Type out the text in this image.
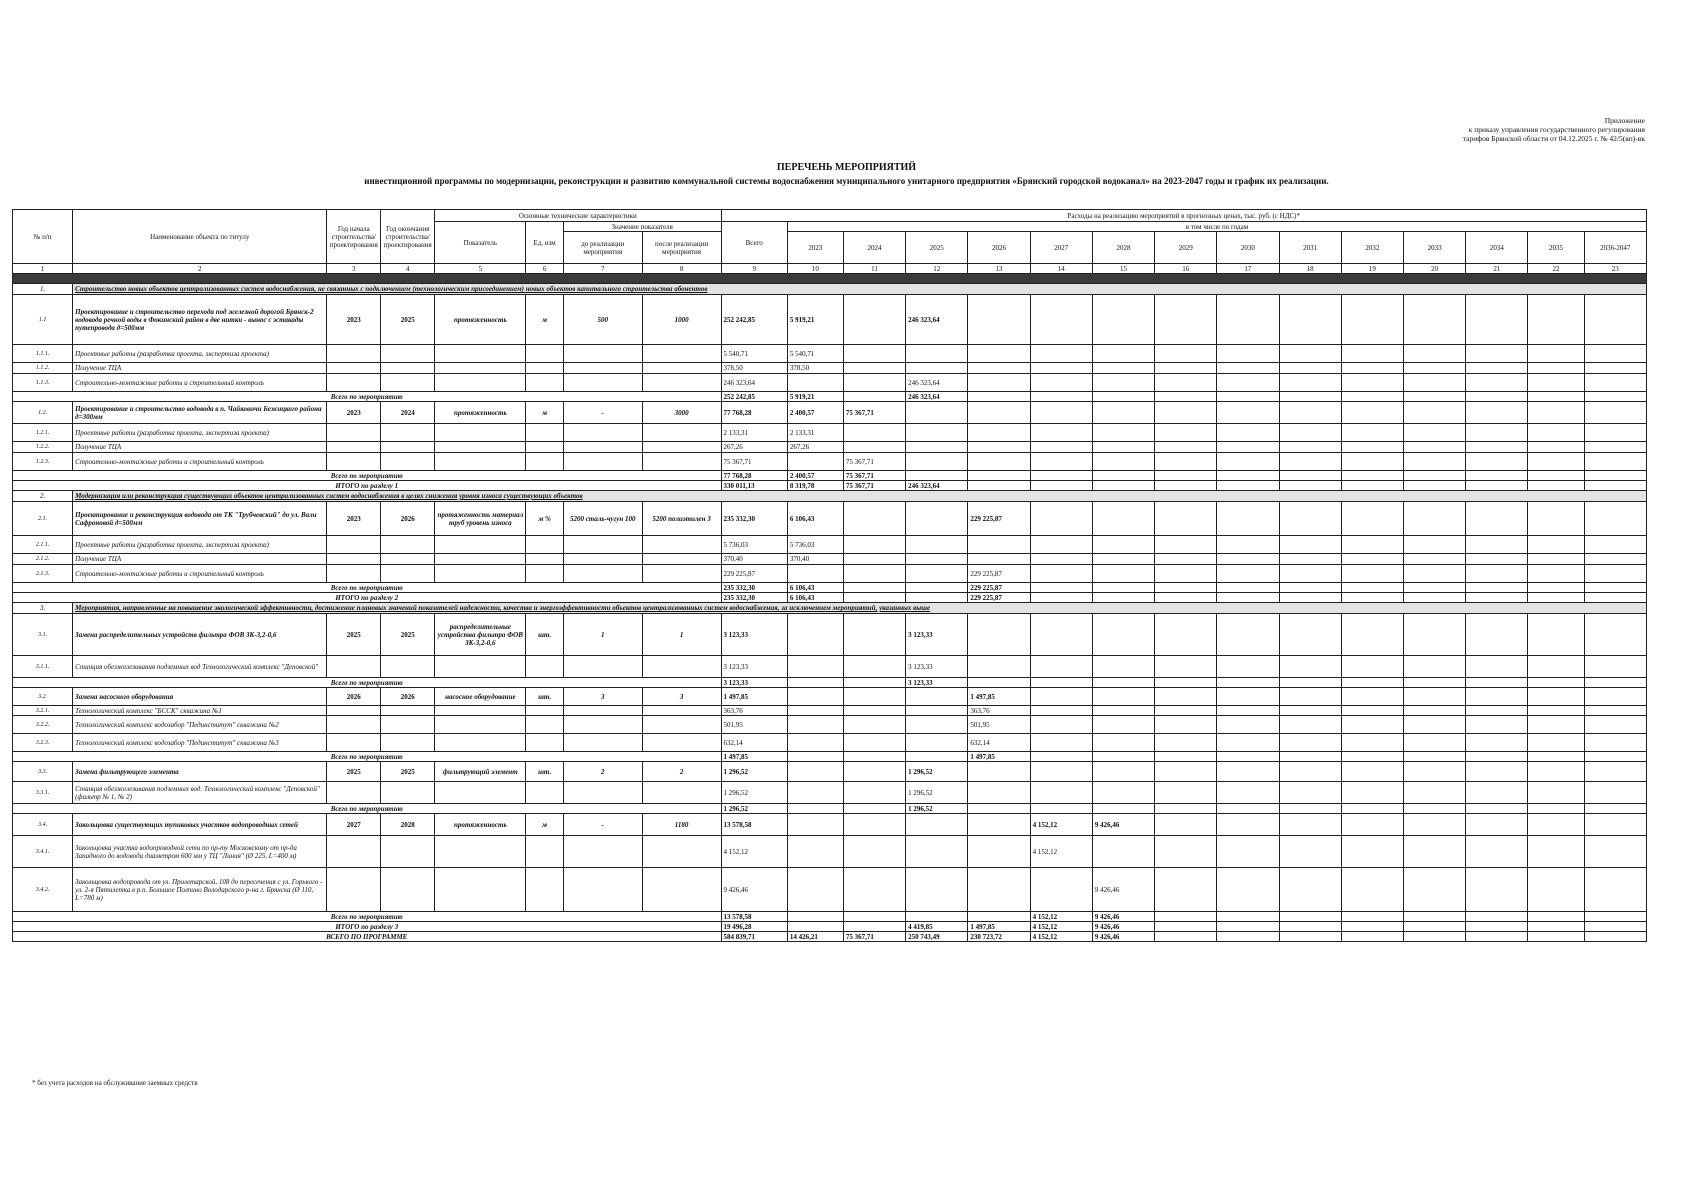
Приложение
к приказу управления государственного регулирования
тарифов Брянской области от 04.12.2025 г. № 42/5(вп)-вк
ПЕРЕЧЕНЬ МЕРОПРИЯТИЙ
инвестиционной программы по модернизации, реконструкции и развитию коммунальной системы водоснабжения муниципального унитарного предприятия «Брянский городской водоканал» на 2023-2047 годы и график их реализации.
№ п/п	Наименование объекта по титулу	Год начала строительства/проектирования	Год окончания строительства/проектирования	Основные технические характеристики				Расходы на реализацию мероприятий в прогнозных ценах, тыс. руб. (с НДС)*														
				Показатель	Ед. изм	Значение показателя		Всего	в том числе по годам													
						до реализации мероприятия	после реализации мероприятия		2023	2024	2025	2026	2027	2028	2029	2030	2031	2032	2033	2034	2035	2036-2047

1	2	3	4	5	6	7	8	9	10	11	12	13	14	15	16	17	18	19	20	21	22	23

1.	Строительство новых объектов централизованных систем водоснабжения, не связанных с подключением (технологическим присоединением) новых объектов капитального строительства абонентов																					
1.1	Проектирование и строительство перехода под железной дорогой Брянск-2 водовода речной воды в Фокинский район в две нитки - вынос с эстакады путепровода д=500мм	2023	2025	протяженность	м	500	1000	252 242,85	5 919,21		246 323,64											
1.1.1.	Проектные работы (разработка проекта, экспертиза проекта)							5 540,71	5 540,71													
1.1.2.	Получение ТЦА							378,50	378,50													
1.1.3.	Строительно-монтажные работы и строительный контроль							246 323,64			246 323,64											
Всего по мероприятию								252 242,85	5 919,21		246 323,64											
1.2.	Проектирование и строительство водовода в п. Чайковичи Бежицкого района д=300мм	2023	2024	протяженность	м	-	3000	77 768,28	2 400,57	75 367,71												
1.2.1.	Проектные работы (разработка проекта, экспертиза проекта)							2 133,31	2 133,31													
1.2.2.	Получение ТЦА							267,26	267,26													
1.2.3.	Строительно-монтажные работы и строительный контроль							75 367,71		75 367,71												
Всего по мероприятию								77 768,28	2 400,57	75 367,71												
ИТОГО по разделу 1								330 011,13	8 319,78	75 367,71	246 323,64											
2.	Модернизация или реконструкция существующих объектов централизованных систем водоснабжения в целях снижения уровня износа существующих объектов																					
2.1.	Проектирование и реконструкция водовода от ТК "Трубчевский" до ул. Вали Сафроновой д=500мм	2023	2026	протяженность материал труб уровень износа	м %	5200 сталь-чугун 100	5200 полиэтилен 3	235 332,30	6 106,43			229 225,87										
2.1.1.	Проектные работы (разработка проекта, экспертиза проекта)							5 736,03	5 736,03													
2.1.2.	Получение ТЦА							370,40	370,40													
2.1.3.	Строительно-монтажные работы и строительный контроль							229 225,87				229 225,87										
Всего по мероприятию								235 332,30	6 106,43			229 225,87										
ИТОГО по разделу 2								235 332,30	6 106,43			229 225,87										
3.	Мероприятия, направленные на повышение экологической эффективности, достижение плановых значений показателей надежности, качества и энергоэффективности объектов централизованных систем водоснабжения, за исключением мероприятий, указанных выше																					
3.1.	Замена распределительных устройств фильтра ФОВ 3К-3,2-0,6	2025	2025	распределительные устройства фильтра ФОВ 3К-3,2-0,6	шт.	1	1	3 123,33			3 123,33											
3.1.1.	Станция обезжелезивания подземных вод Технологический комплекс "Деповской"							3 123,33			3 123,33											
Всего по мероприятию								3 123,33			3 123,33											
3.2.	Замена насосного оборудования	2026	2026	насосное оборудование	шт.	3	3	1 497,85				1 497,85										
3.2.1.	Технологический комплекс "БССК" скважина №1							363,76				363,76										
3.2.2.	Технологический комплекс водозабор "Пединститут" скважина №2							501,95				501,95										
3.2.3.	Технологический комплекс водозабор "Пединститут" скважина №3							632,14				632,14										
Всего по мероприятию								1 497,85				1 497,85										
3.3.	Замена фильтрующего элемента	2025	2025	фильтрующий элемент	шт.	2	2	1 296,52			1 296,52											
3.3.1.	Станция обезжелезивания подземных вод. Технологический комплекс "Деповской" (фильтр № 1, № 2)							1 296,52			1 296,52											
Всего по мероприятию								1 296,52			1 296,52											
3.4.	Закольцовка существующих тупиковых участков водопроводных сетей	2027	2028	протяженность	м	-	1180	13 578,58					4 152,12	9 426,46								
3.4.1.	Закольцовка участка водопроводной сети по пр-ту Московскому от пр-да Западного до водовода диаметром 600 мм у ТЦ "Линия" (Ø 225, L=400 м)							4 152,12					4 152,12									
3.4.2.	Закольцовка водопровода от ул. Пролетарской, 108 до пересечения с ул. Горького - ул. 2-я Пятилетка в р.п. Большое Полпино Володарского р-на г. Брянска (Ø 110, L=780 м)							9 426,46						9 426,46								
Всего по мероприятию								13 578,58					4 152,12	9 426,46								
ИТОГО по разделу 3								19 496,28			4 419,85	1 497,85	4 152,12	9 426,46								
ВСЕГО ПО ПРОГРАММЕ								584 839,71	14 426,21	75 367,71	250 743,49	230 723,72	4 152,12	9 426,46								
* без учета расходов на обслуживание заемных средств
